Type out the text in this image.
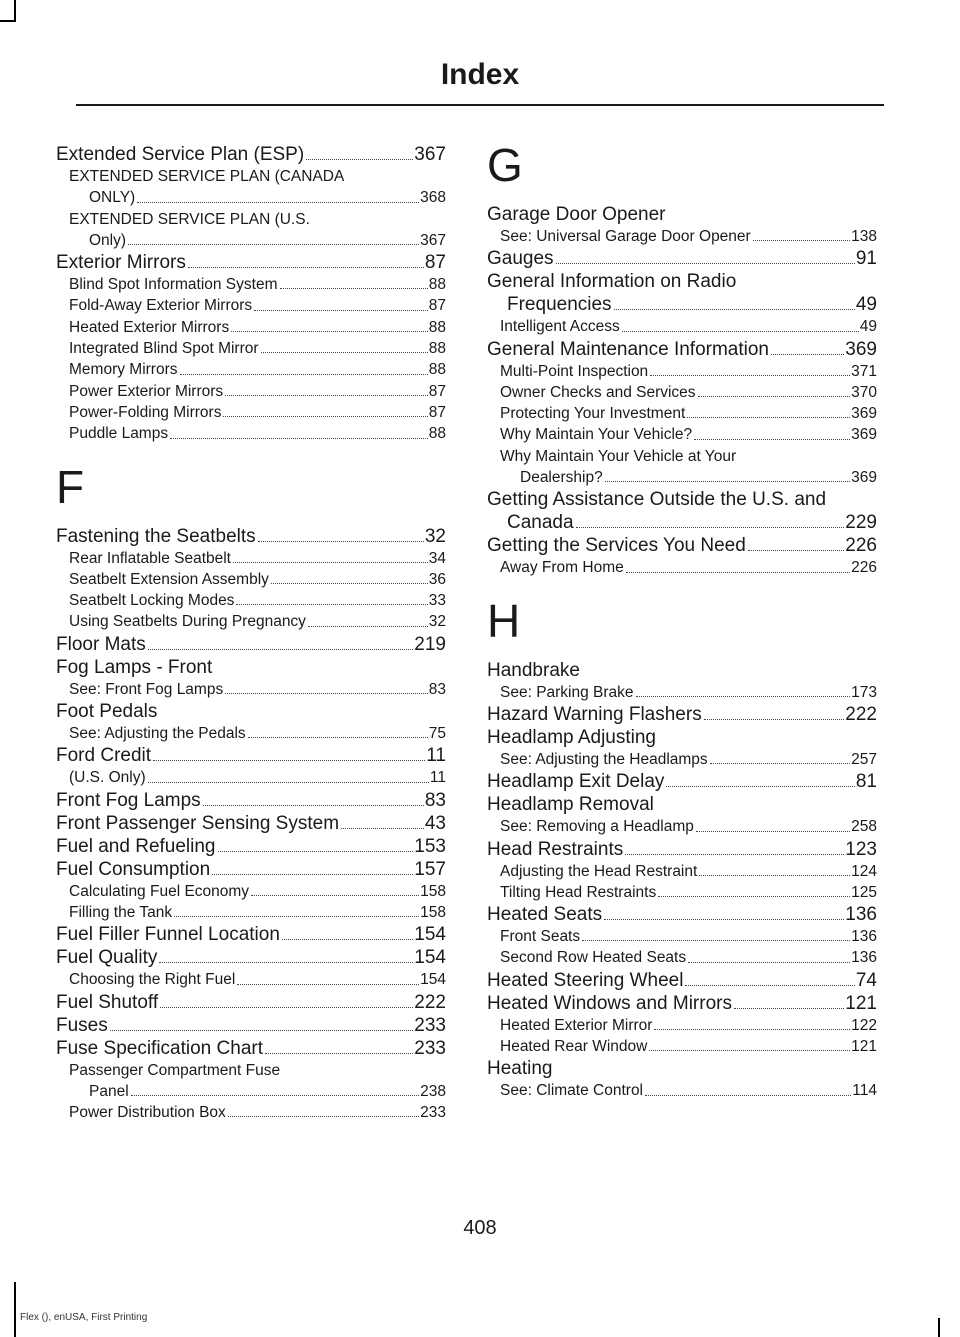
Index
Extended Service Plan (ESP)	367
EXTENDED SERVICE PLAN (CANADA
ONLY)	368
EXTENDED SERVICE PLAN (U.S.
Only)	367
Exterior Mirrors	87
Blind Spot Information System	88
Fold-Away Exterior Mirrors	87
Heated Exterior Mirrors	88
Integrated Blind Spot Mirror	88
Memory Mirrors	88
Power Exterior Mirrors	87
Power-Folding Mirrors	87
Puddle Lamps	88
F
Fastening the Seatbelts	32
Rear Inflatable Seatbelt	34
Seatbelt Extension Assembly	36
Seatbelt Locking Modes	33
Using Seatbelts During Pregnancy	32
Floor Mats	219
Fog Lamps - Front
See: Front Fog Lamps	83
Foot Pedals
See: Adjusting the Pedals	75
Ford Credit	11
(U.S. Only)	11
Front Fog Lamps	83
Front Passenger Sensing System	43
Fuel and Refueling	153
Fuel Consumption	157
Calculating Fuel Economy	158
Filling the Tank	158
Fuel Filler Funnel Location	154
Fuel Quality	154
Choosing the Right Fuel	154
Fuel Shutoff	222
Fuses	233
Fuse Specification Chart	233
Passenger Compartment Fuse
Panel	238
Power Distribution Box	233
G
Garage Door Opener
See: Universal Garage Door Opener	138
Gauges	91
General Information on Radio
Frequencies	49
Intelligent Access	49
General Maintenance Information	369
Multi-Point Inspection	371
Owner Checks and Services	370
Protecting Your Investment	369
Why Maintain Your Vehicle?	369
Why Maintain Your Vehicle at Your
Dealership?	369
Getting Assistance Outside the U.S. and
Canada	229
Getting the Services You Need	226
Away From Home	226
H
Handbrake
See: Parking Brake	173
Hazard Warning Flashers	222
Headlamp Adjusting
See: Adjusting the Headlamps	257
Headlamp Exit Delay	81
Headlamp Removal
See: Removing a Headlamp	258
Head Restraints	123
Adjusting the Head Restraint	124
Tilting Head Restraints	125
Heated Seats	136
Front Seats	136
Second Row Heated Seats	136
Heated Steering Wheel	74
Heated Windows and Mirrors	121
Heated Exterior Mirror	122
Heated Rear Window	121
Heating
See: Climate Control	114
408
Flex (), enUSA, First Printing
